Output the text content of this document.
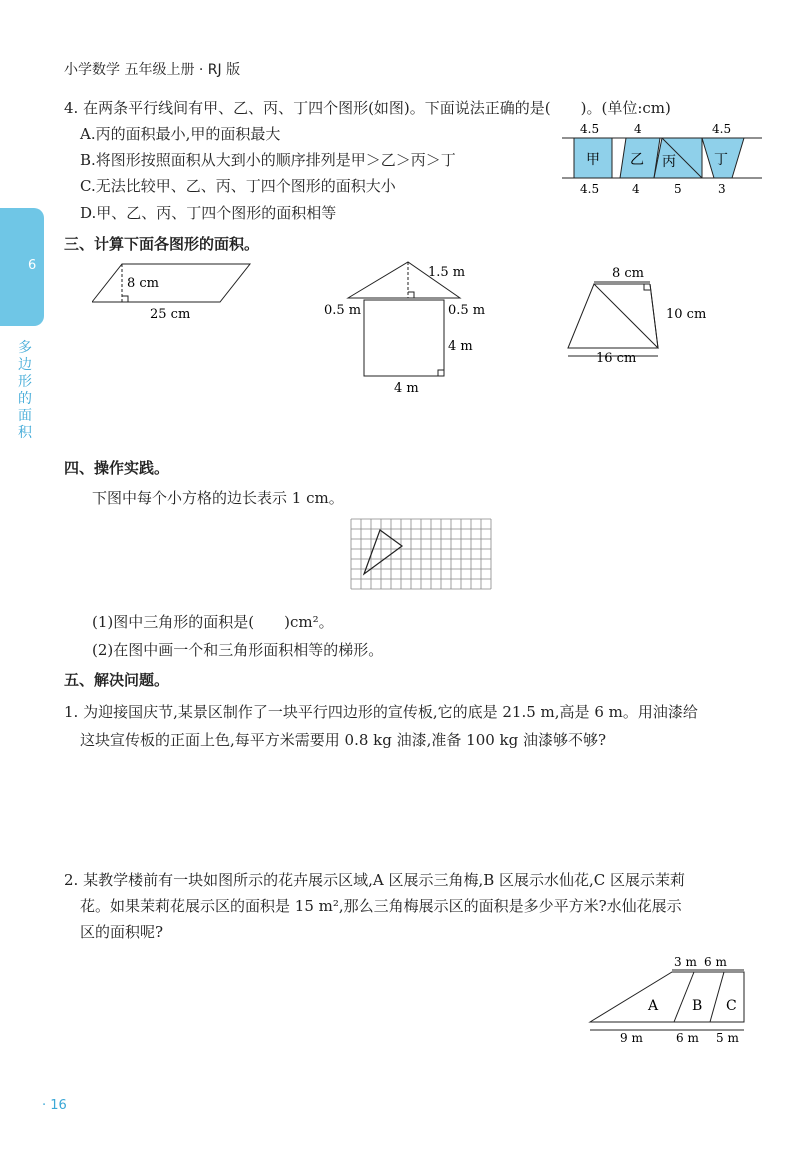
小学数学 五年级上册 · RJ 版
6
多边形的面积
4. 在两条平行线间有甲、乙、丙、丁四个图形(如图)。下面说法正确的是(　　)。(单位:cm)
A.丙的面积最小,甲的面积最大
B.将图形按照面积从大到小的顺序排列是甲＞乙＞丙＞丁
C.无法比较甲、乙、丙、丁四个图形的面积大小
D.甲、乙、丙、丁四个图形的面积相等
4.5	4	4.5
4.5	4	5	3
甲 乙 丙	丁
三、计算下面各图形的面积。
8 cm
25 cm
1.5 m
0.5 m	0.5 m
4 m
4 m
8 cm
10 cm
16 cm
四、操作实践。
下图中每个小方格的边长表示 1 cm。
(1)图中三角形的面积是(　　)cm²。
(2)在图中画一个和三角形面积相等的梯形。
五、解决问题。
1. 为迎接国庆节,某景区制作了一块平行四边形的宣传板,它的底是 21.5 m,高是 6 m。用油漆给
这块宣传板的正面上色,每平方米需要用 0.8 kg 油漆,准备 100 kg 油漆够不够?
2. 某教学楼前有一块如图所示的花卉展示区域,A 区展示三角梅,B 区展示水仙花,C 区展示茉莉
花。如果茉莉花展示区的面积是 15 m²,那么三角梅展示区的面积是多少平方米?水仙花展示
区的面积呢?
3 m 6 m
A B C
9 m	6 m 5 m
· 16
